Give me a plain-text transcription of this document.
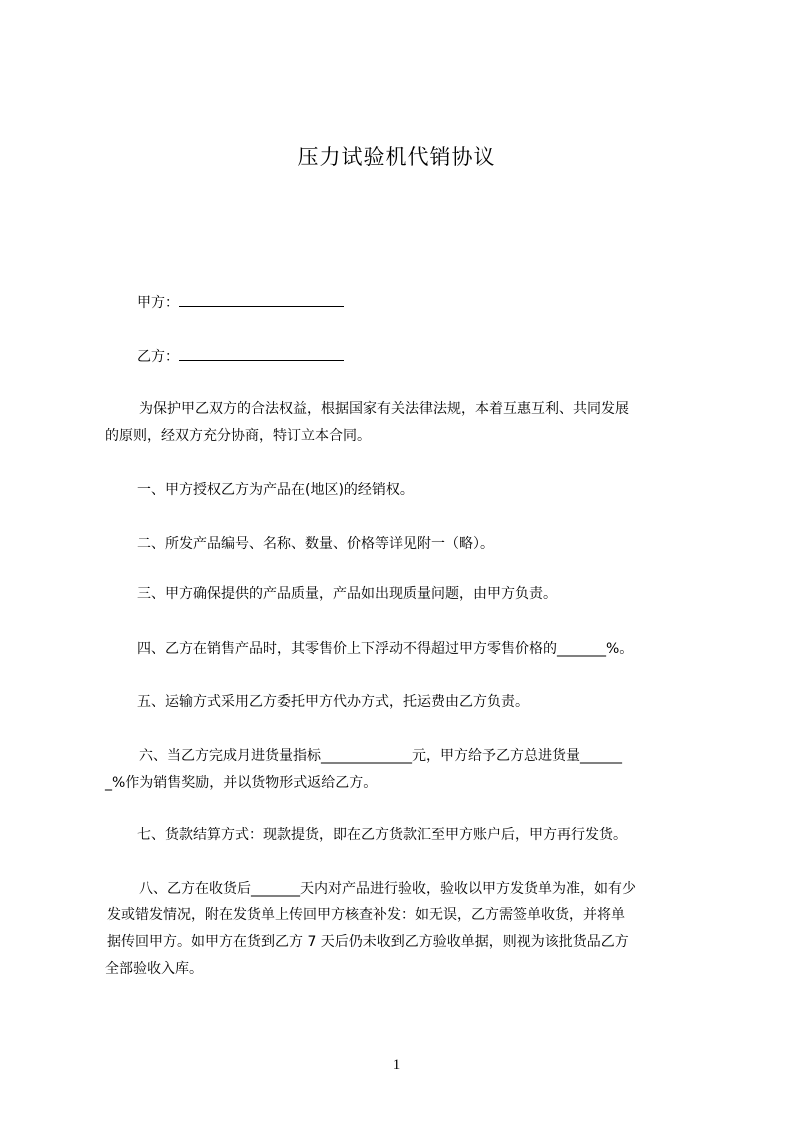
压力试验机代销协议
甲方：
乙方：
为保护甲乙双方的合法权益，根据国家有关法律法规，本着互惠互利、共同发展
的原则，经双方充分协商，特订立本合同。
一、甲方授权乙方为产品在(地区)的经销权。
二、所发产品编号、名称、数量、价格等详见附一（略）。
三、甲方确保提供的产品质量，产品如出现质量问题，由甲方负责。
四、乙方在销售产品时，其零售价上下浮动不得超过甲方零售价格的_______%。
五、运输方式采用乙方委托甲方代办方式，托运费由乙方负责。
六、当乙方完成月进货量指标_____________元，甲方给予乙方总进货量______
_%作为销售奖励，并以货物形式返给乙方。
七、货款结算方式：现款提货，即在乙方货款汇至甲方账户后，甲方再行发货。
八、乙方在收货后_______天内对产品进行验收，验收以甲方发货单为准，如有少
发或错发情况，附在发货单上传回甲方核查补发：如无误，乙方需签单收货，并将单
据传回甲方。如甲方在货到乙方 7 天后仍未收到乙方验收单据，则视为该批货品乙方
全部验收入库。
1
